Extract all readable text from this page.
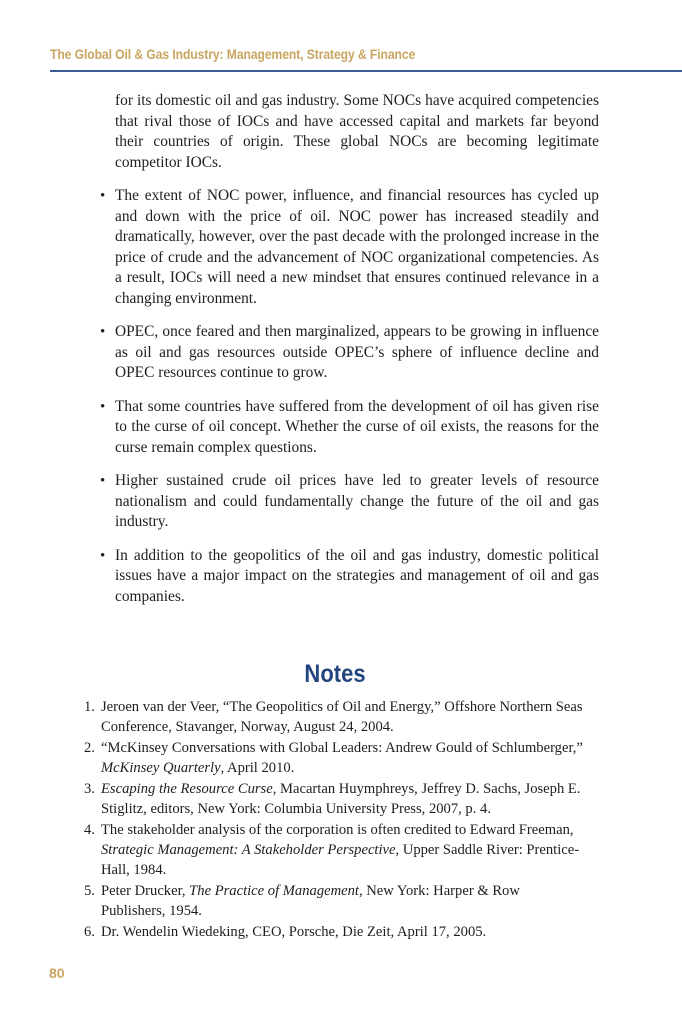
The Global Oil & Gas Industry: Management, Strategy & Finance

for its domestic oil and gas industry. Some NOCs have acquired competencies that rival those of IOCs and have accessed capital and markets far beyond their countries of origin. These global NOCs are becoming legitimate competitor IOCs.

• The extent of NOC power, influence, and financial resources has cycled up and down with the price of oil. NOC power has increased steadily and dramatically, however, over the past decade with the prolonged increase in the price of crude and the advancement of NOC organizational competencies. As a result, IOCs will need a new mindset that ensures continued relevance in a changing environment.
• OPEC, once feared and then marginalized, appears to be growing in influence as oil and gas resources outside OPEC’s sphere of influence decline and OPEC resources continue to grow.
• That some countries have suffered from the development of oil has given rise to the curse of oil concept. Whether the curse of oil exists, the reasons for the curse remain complex questions.
• Higher sustained crude oil prices have led to greater levels of resource nationalism and could fundamentally change the future of the oil and gas industry.
• In addition to the geopolitics of the oil and gas industry, domestic political issues have a major impact on the strategies and management of oil and gas companies.
Notes
1. Jeroen van der Veer, “The Geopolitics of Oil and Energy,” Offshore Northern Seas Conference, Stavanger, Norway, August 24, 2004.
2. “McKinsey Conversations with Global Leaders: Andrew Gould of Schlumberger,” McKinsey Quarterly, April 2010.
3. Escaping the Resource Curse, Macartan Huymphreys, Jeffrey D. Sachs, Joseph E. Stiglitz, editors, New York: Columbia University Press, 2007, p. 4.
4. The stakeholder analysis of the corporation is often credited to Edward Freeman, Strategic Management: A Stakeholder Perspective, Upper Saddle River: Prentice-Hall, 1984.
5. Peter Drucker, The Practice of Management, New York: Harper & Row Publishers, 1954.
6. Dr. Wendelin Wiedeking, CEO, Porsche, Die Zeit, April 17, 2005.
80
